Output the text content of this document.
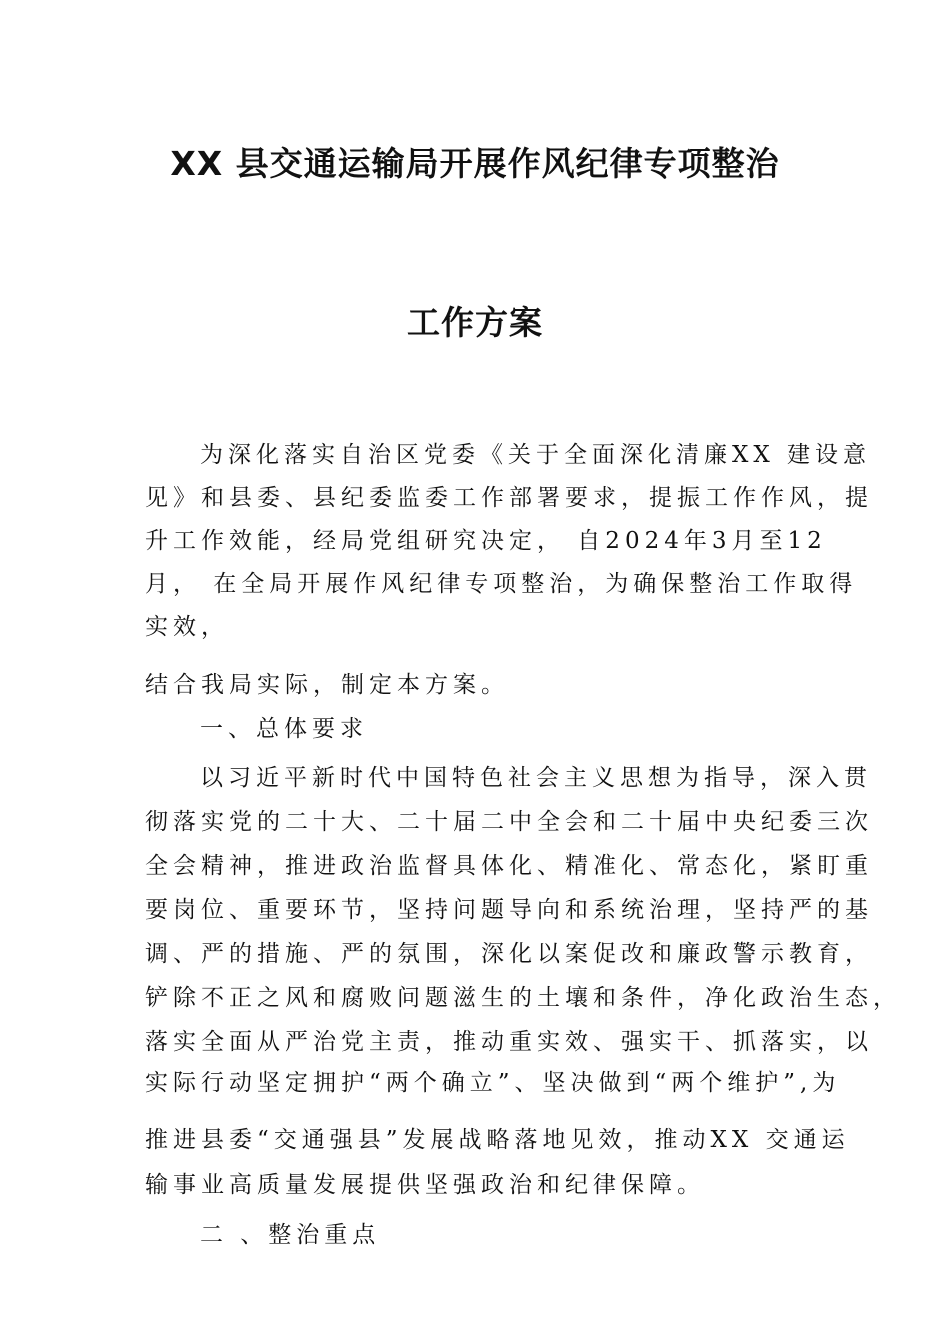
XX 县交通运输局开展作风纪律专项整治
工作方案
为深化落实自治区党委《关于全面深化清廉XX 建设意
见》和县委、县纪委监委工作部署要求，提振工作作风，提
升工作效能，经局党组研究决定， 自2024年3月至12
月， 在全局开展作风纪律专项整治，为确保整治工作取得
实效，
结合我局实际，制定本方案。
一、总体要求
以习近平新时代中国特色社会主义思想为指导，深入贯
彻落实党的二十大、二十届二中全会和二十届中央纪委三次
全会精神，推进政治监督具体化、精准化、常态化，紧盯重
要岗位、重要环节，坚持问题导向和系统治理，坚持严的基
调、严的措施、严的氛围，深化以案促改和廉政警示教育，
铲除不正之风和腐败问题滋生的土壤和条件，净化政治生态，
落实全面从严治党主责，推动重实效、强实干、抓落实，以
实际行动坚定拥护“两个确立”、坚决做到“两个维护”,为
推进县委“交通强县”发展战略落地见效，推动XX 交通运
输事业高质量发展提供坚强政治和纪律保障。
二 、整治重点
